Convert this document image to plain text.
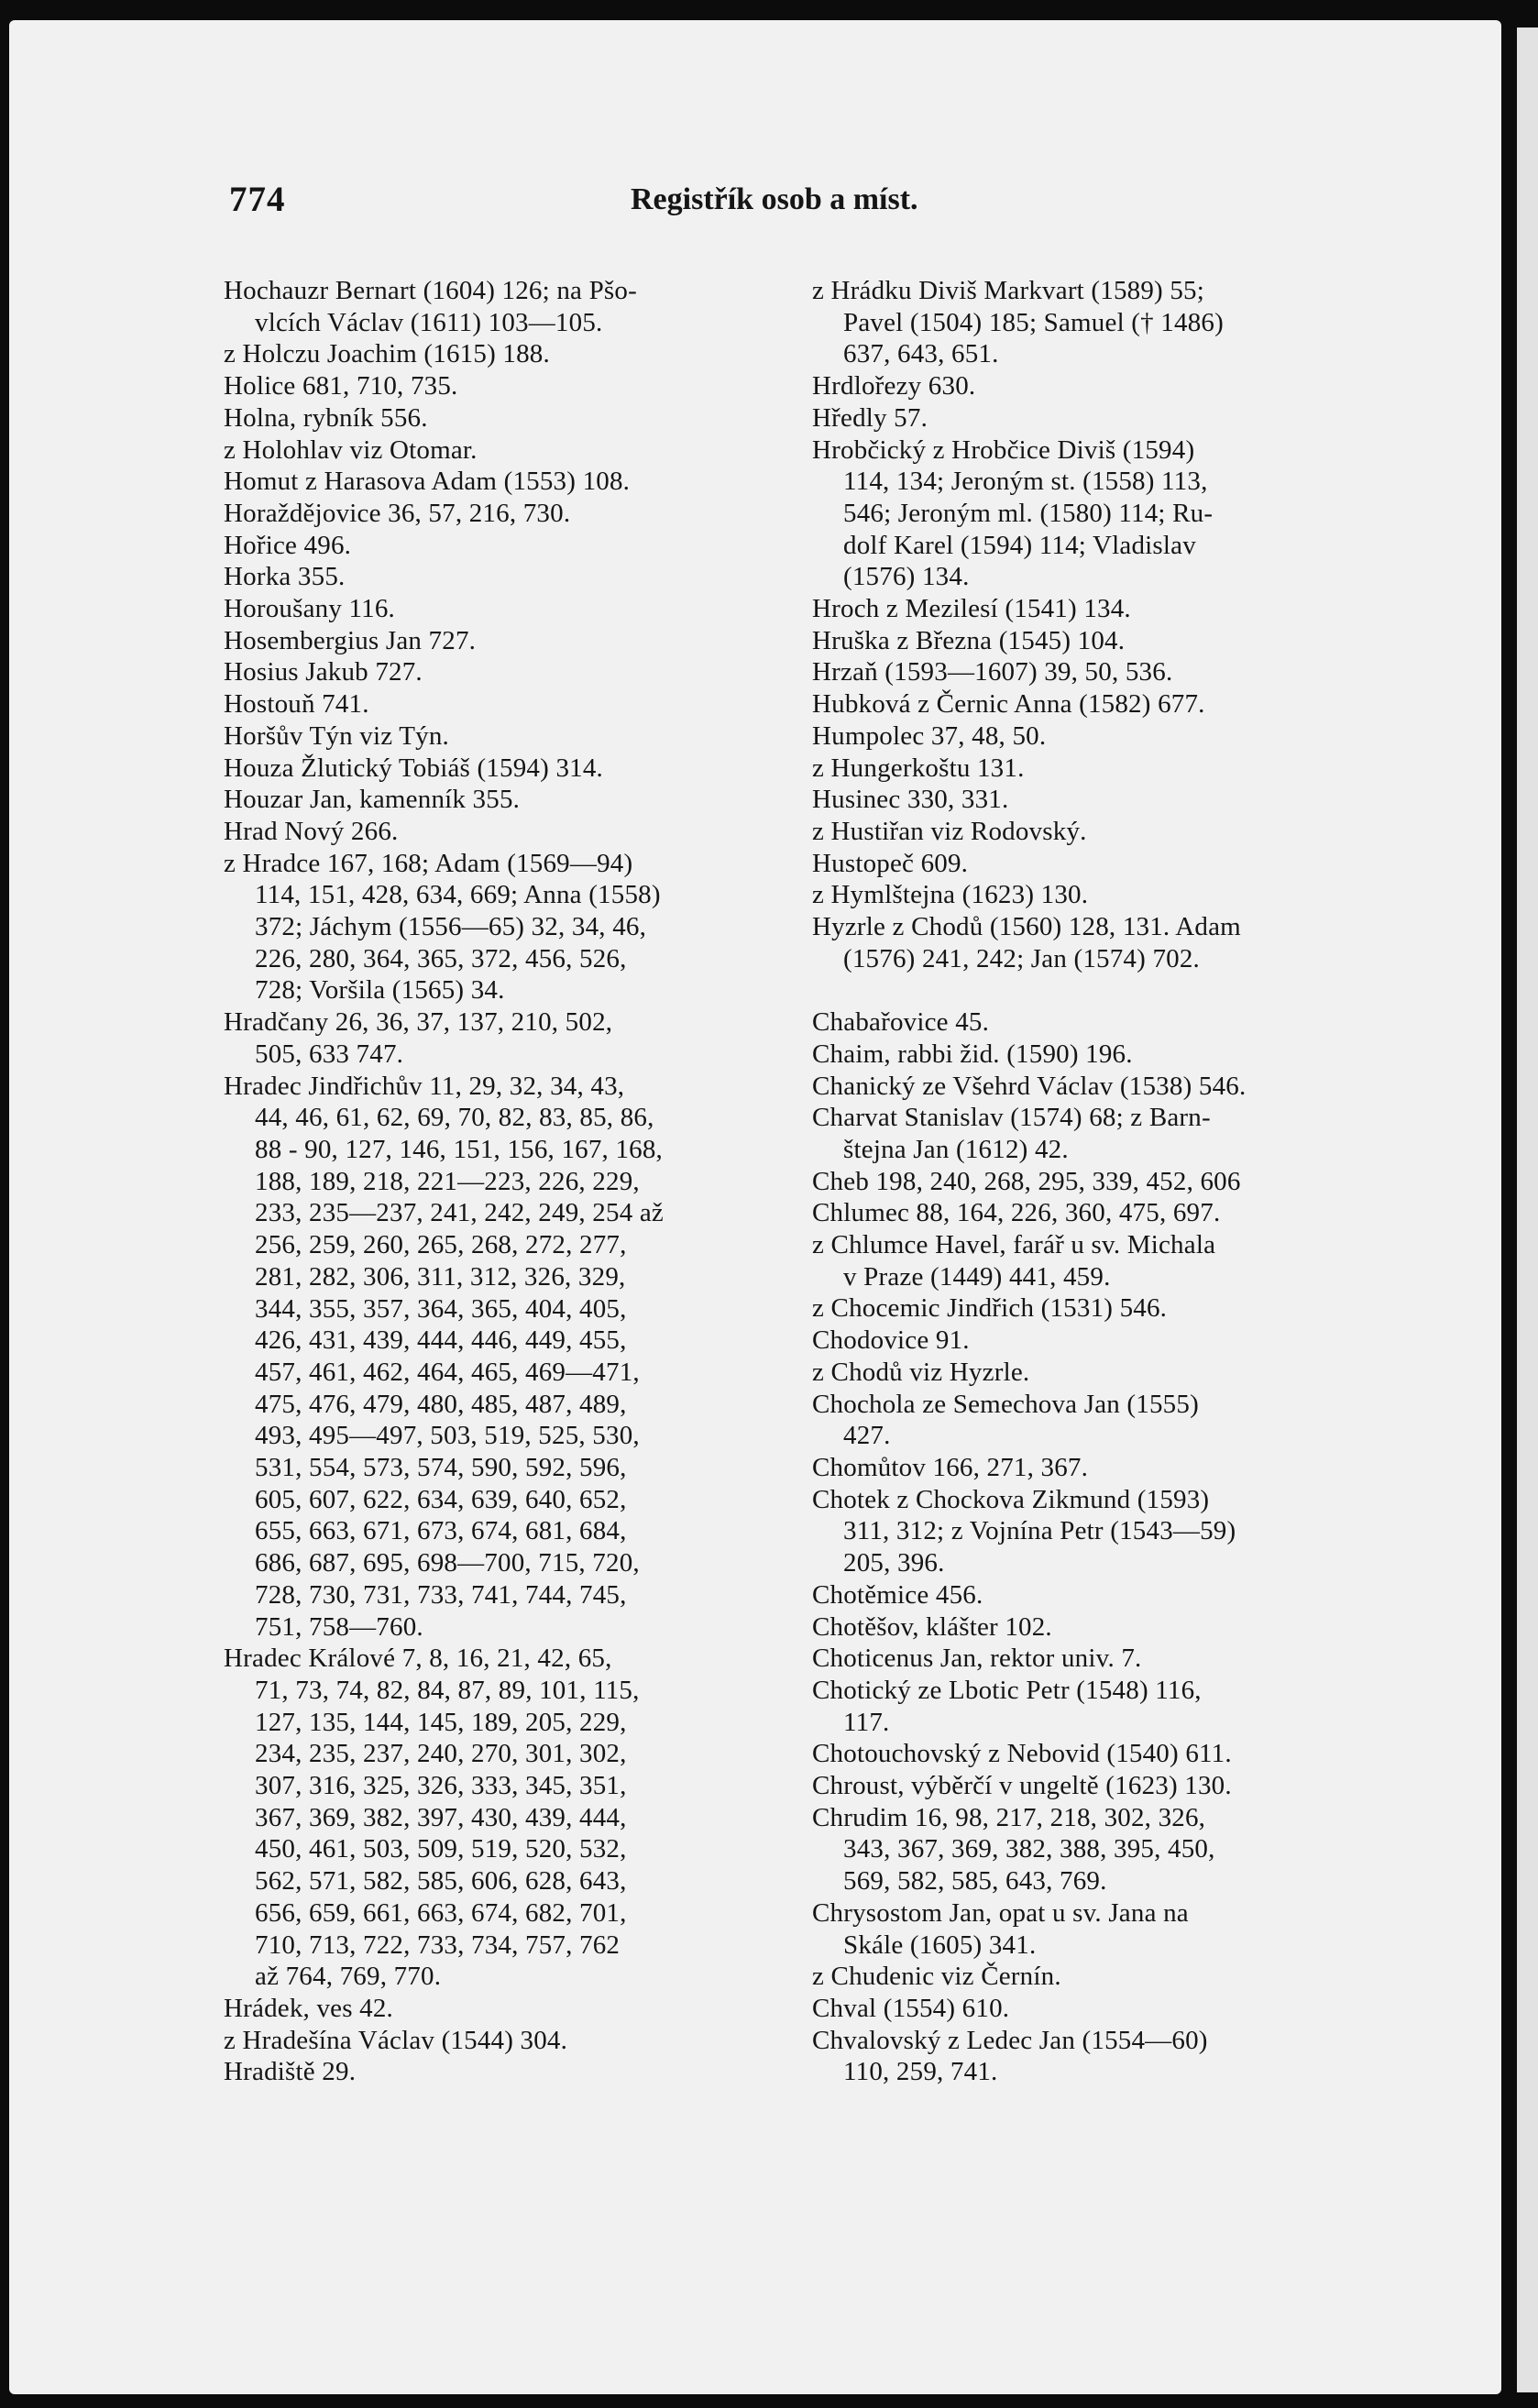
774	Registřík osob a míst.
Hochauzr Bernart (1604) 126; na Pšo-
vlcích Václav (1611) 103—105.
z Holczu Joachim (1615) 188.
Holice 681, 710, 735.
Holna, rybník 556.
z Holohlav viz Otomar.
Homut z Harasova Adam (1553) 108.
Horaždějovice 36, 57, 216, 730.
Hořice 496.
Horka 355.
Horoušany 116.
Hosembergius Jan 727.
Hosius Jakub 727.
Hostouň 741.
Horšův Týn viz Týn.
Houza Žlutický Tobiáš (1594) 314.
Houzar Jan, kamenník 355.
Hrad Nový 266.
z Hradce 167, 168; Adam (1569—94)
114, 151, 428, 634, 669; Anna (1558)
372; Jáchym (1556—65) 32, 34, 46,
226, 280, 364, 365, 372, 456, 526,
728; Voršila (1565) 34.
Hradčany 26, 36, 37, 137, 210, 502,
505, 633 747.
Hradec Jindřichův 11, 29, 32, 34, 43,
44, 46, 61, 62, 69, 70, 82, 83, 85, 86,
88 - 90, 127, 146, 151, 156, 167, 168,
188, 189, 218, 221—223, 226, 229,
233, 235—237, 241, 242, 249, 254 až
256, 259, 260, 265, 268, 272, 277,
281, 282, 306, 311, 312, 326, 329,
344, 355, 357, 364, 365, 404, 405,
426, 431, 439, 444, 446, 449, 455,
457, 461, 462, 464, 465, 469—471,
475, 476, 479, 480, 485, 487, 489,
493, 495—497, 503, 519, 525, 530,
531, 554, 573, 574, 590, 592, 596,
605, 607, 622, 634, 639, 640, 652,
655, 663, 671, 673, 674, 681, 684,
686, 687, 695, 698—700, 715, 720,
728, 730, 731, 733, 741, 744, 745,
751, 758—760.
Hradec Králové 7, 8, 16, 21, 42, 65,
71, 73, 74, 82, 84, 87, 89, 101, 115,
127, 135, 144, 145, 189, 205, 229,
234, 235, 237, 240, 270, 301, 302,
307, 316, 325, 326, 333, 345, 351,
367, 369, 382, 397, 430, 439, 444,
450, 461, 503, 509, 519, 520, 532,
562, 571, 582, 585, 606, 628, 643,
656, 659, 661, 663, 674, 682, 701,
710, 713, 722, 733, 734, 757, 762
až 764, 769, 770.
Hrádek, ves 42.
z Hradešína Václav (1544) 304.
Hradiště 29.
z Hrádku Diviš Markvart (1589) 55;
Pavel (1504) 185; Samuel († 1486)
637, 643, 651.
Hrdlořezy 630.
Hředly 57.
Hrobčický z Hrobčice Diviš (1594)
114, 134; Jeroným st. (1558) 113,
546; Jeroným ml. (1580) 114; Ru-
dolf Karel (1594) 114; Vladislav
(1576) 134.
Hroch z Mezilesí (1541) 134.
Hruška z Března (1545) 104.
Hrzaň (1593—1607) 39, 50, 536.
Hubková z Černic Anna (1582) 677.
Humpolec 37, 48, 50.
z Hungerkoštu 131.
Husinec 330, 331.
z Hustiřan viz Rodovský.
Hustopeč 609.
z Hymlštejna (1623) 130.
Hyzrle z Chodů (1560) 128, 131. Adam
(1576) 241, 242; Jan (1574) 702.
Chabařovice 45.
Chaim, rabbi žid. (1590) 196.
Chanický ze Všehrd Václav (1538) 546.
Charvat Stanislav (1574) 68; z Barn-
štejna Jan (1612) 42.
Cheb 198, 240, 268, 295, 339, 452, 606
Chlumec 88, 164, 226, 360, 475, 697.
z Chlumce Havel, farář u sv. Michala
v Praze (1449) 441, 459.
z Chocemic Jindřich (1531) 546.
Chodovice 91.
z Chodů viz Hyzrle.
Chochola ze Semechova Jan (1555)
427.
Chomůtov 166, 271, 367.
Chotek z Chockova Zikmund (1593)
311, 312; z Vojnína Petr (1543—59)
205, 396.
Chotěmice 456.
Chotěšov, klášter 102.
Choticenus Jan, rektor univ. 7.
Chotický ze Lbotic Petr (1548) 116,
117.
Chotouchovský z Nebovid (1540) 611.
Chroust, výběrčí v ungeltě (1623) 130.
Chrudim 16, 98, 217, 218, 302, 326,
343, 367, 369, 382, 388, 395, 450,
569, 582, 585, 643, 769.
Chrysostom Jan, opat u sv. Jana na
Skále (1605) 341.
z Chudenic viz Černín.
Chval (1554) 610.
Chvalovský z Ledec Jan (1554—60)
110, 259, 741.
